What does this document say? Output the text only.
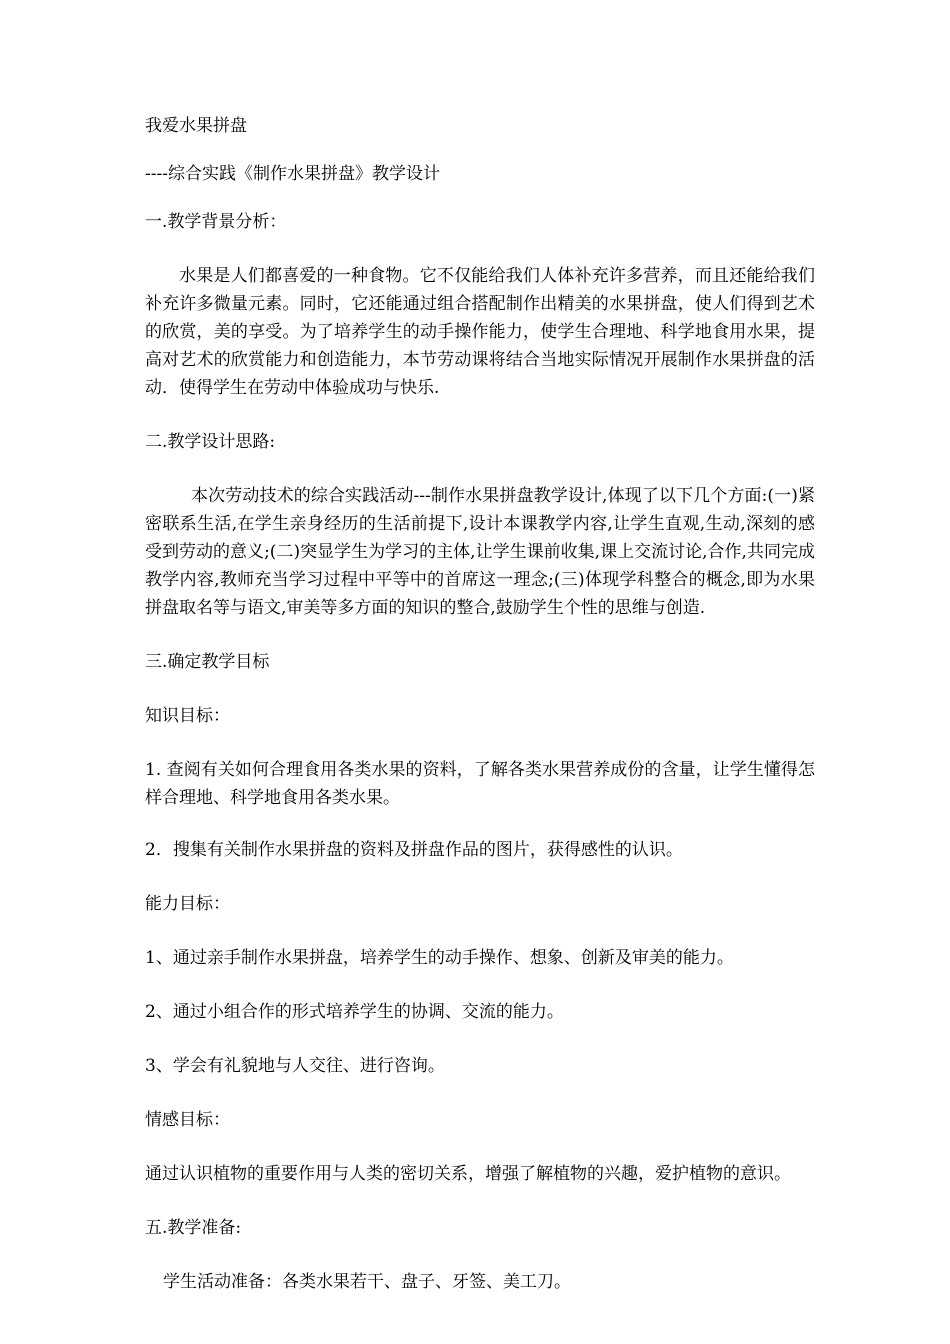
我爱水果拼盘

----综合实践《制作水果拼盘》教学设计

一.教学背景分析：

水果是人们都喜爱的一种食物。它不仅能给我们人体补充许多营养，而且还能给我们补充许多微量元素。同时，它还能通过组合搭配制作出精美的水果拼盘，使人们得到艺术的欣赏，美的享受。为了培养学生的动手操作能力，使学生合理地、科学地食用水果，提高对艺术的欣赏能力和创造能力，本节劳动课将结合当地实际情况开展制作水果拼盘的活动．使得学生在劳动中体验成功与快乐.

二.教学设计思路:

本次劳动技术的综合实践活动---制作水果拼盘教学设计,体现了以下几个方面:(一)紧密联系生活,在学生亲身经历的生活前提下,设计本课教学内容,让学生直观,生动,深刻的感受到劳动的意义;(二)突显学生为学习的主体,让学生课前收集,课上交流讨论,合作,共同完成教学内容,教师充当学习过程中平等中的首席这一理念;(三)体现学科整合的概念,即为水果拼盘取名等与语文,审美等多方面的知识的整合,鼓励学生个性的思维与创造.

三.确定教学目标

知识目标：

1. 查阅有关如何合理食用各类水果的资料，了解各类水果营养成份的含量，让学生懂得怎样合理地、科学地食用各类水果。

2．搜集有关制作水果拼盘的资料及拼盘作品的图片，获得感性的认识。

能力目标：

1、通过亲手制作水果拼盘，培养学生的动手操作、想象、创新及审美的能力。

2、通过小组合作的形式培养学生的协调、交流的能力。

3、学会有礼貌地与人交往、进行咨询。

情感目标：

通过认识植物的重要作用与人类的密切关系，增强了解植物的兴趣，爱护植物的意识。

五.教学准备:

学生活动准备：各类水果若干、盘子、牙签、美工刀。
